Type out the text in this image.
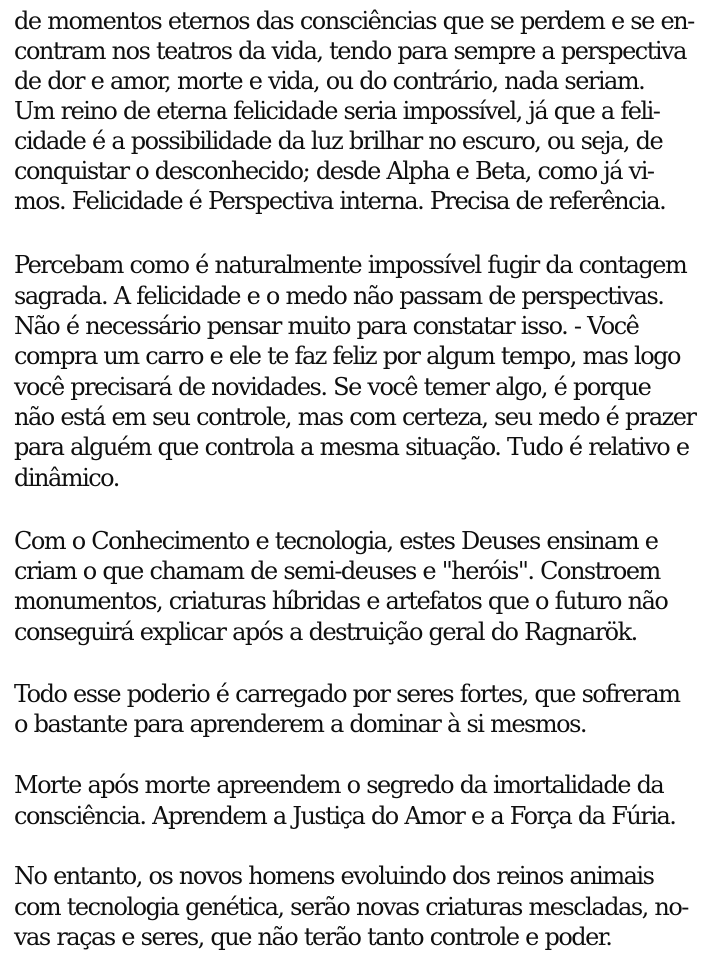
de momentos eternos das consciências que se perdem e se en-
contram nos teatros da vida, tendo para sempre a perspectiva
de dor e amor, morte e vida, ou do contrário, nada seriam.
Um reino de eterna felicidade seria impossível, já que a feli-
cidade é a possibilidade da luz brilhar no escuro, ou seja, de
conquistar o desconhecido; desde Alpha e Beta, como já vi-
mos. Felicidade é Perspectiva interna. Precisa de referência.
Percebam como é naturalmente impossível fugir da contagem
sagrada. A felicidade e o medo não passam de perspectivas.
Não é necessário pensar muito para constatar isso. - Você
compra um carro e ele te faz feliz por algum tempo, mas logo
você precisará de novidades. Se você temer algo, é porque
não está em seu controle, mas com certeza, seu medo é prazer
para alguém que controla a mesma situação. Tudo é relativo e
dinâmico.
Com o Conhecimento e tecnologia, estes Deuses ensinam e
criam o que chamam de semi-deuses e "heróis". Constroem
monumentos, criaturas híbridas e artefatos que o futuro não
conseguirá explicar após a destruição geral do Ragnarök.
Todo esse poderio é carregado por seres fortes, que sofreram
o bastante para aprenderem a dominar à si mesmos.
Morte após morte apreendem o segredo da imortalidade da
consciência. Aprendem a Justiça do Amor e a Força da Fúria.
No entanto, os novos homens evoluindo dos reinos animais
com tecnologia genética, serão novas criaturas mescladas, no-
vas raças e seres, que não terão tanto controle e poder.
